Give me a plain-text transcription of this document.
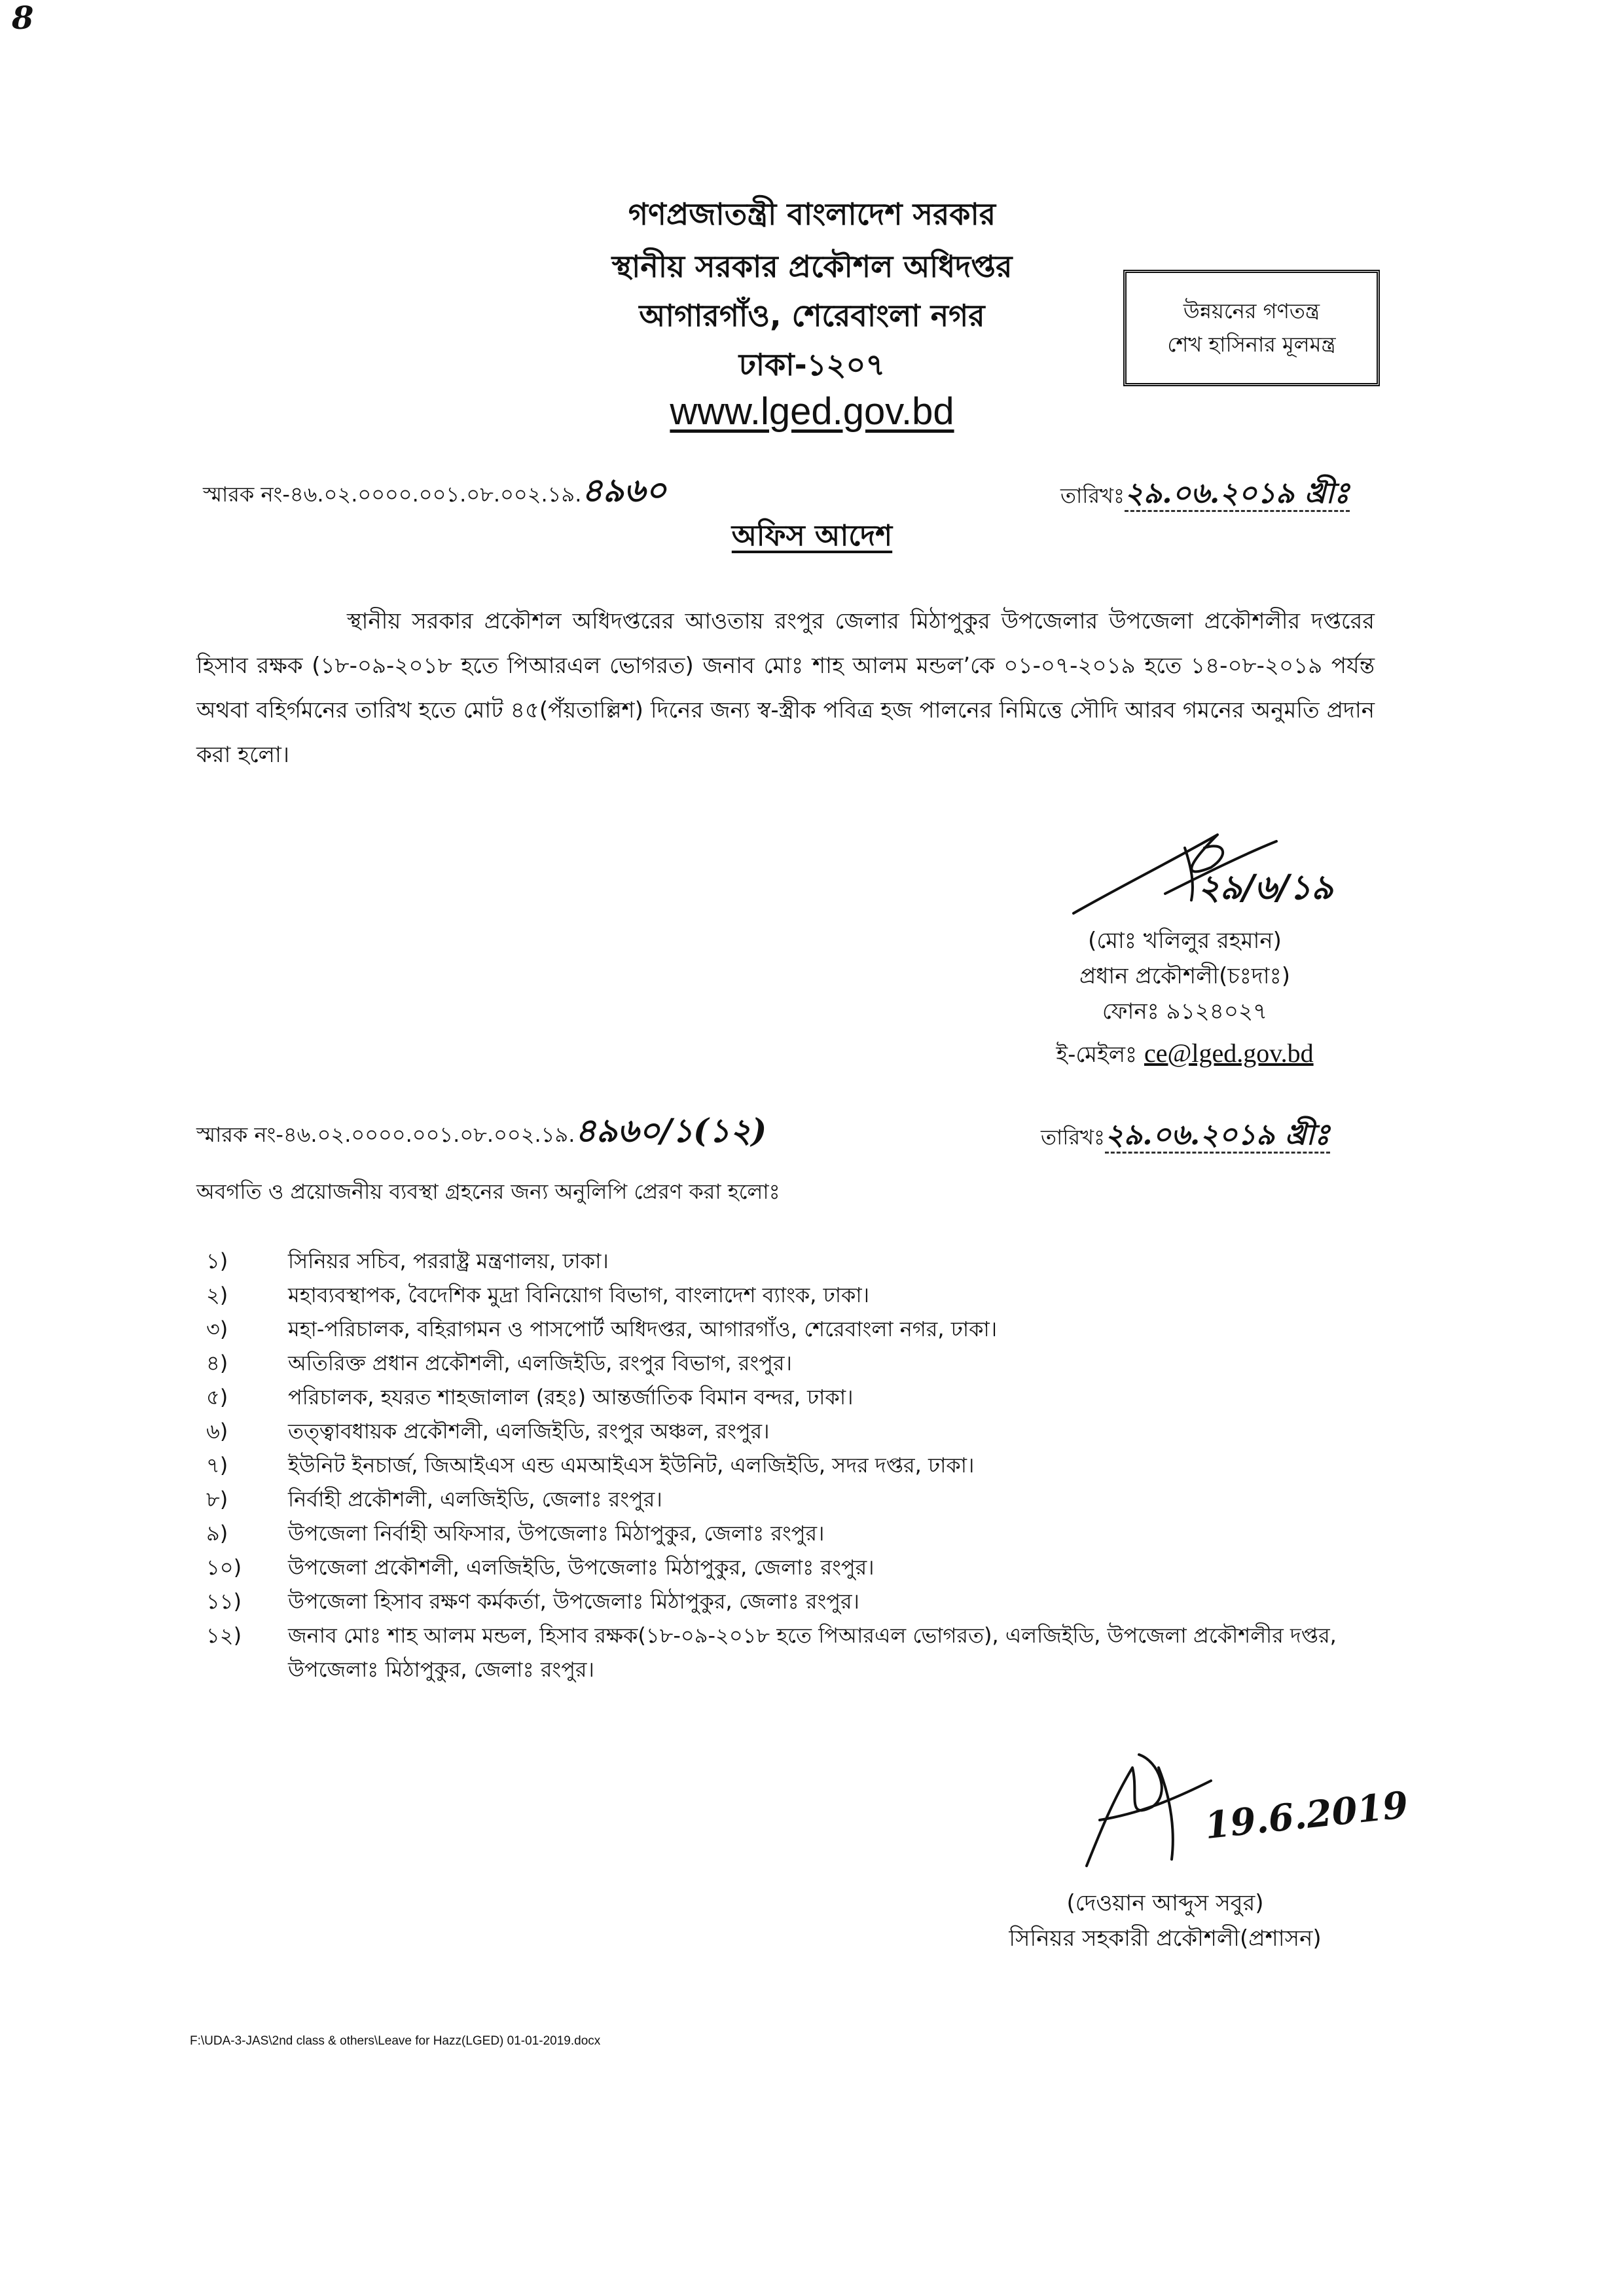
8
গণপ্রজাতন্ত্রী বাংলাদেশ সরকার
স্থানীয় সরকার প্রকৌশল অধিদপ্তর
আগারগাঁও, শেরেবাংলা নগর
ঢাকা-১২০৭
www.lged.gov.bd
উন্নয়নের গণতন্ত্র
শেখ হাসিনার মূলমন্ত্র
স্মারক নং-৪৬.০২.০০০০.০০১.০৮.০০২.১৯.৪৯৬০	তারিখঃ২৯.০৬.২০১৯ খ্রীঃ
অফিস আদেশ
স্থানীয় সরকার প্রকৌশল অধিদপ্তরের আওতায় রংপুর জেলার মিঠাপুকুর উপজেলার উপজেলা প্রকৌশলীর দপ্তরের হিসাব রক্ষক (১৮-০৯-২০১৮ হতে পিআরএল ভোগরত) জনাব মোঃ শাহ আলম মন্ডল’কে ০১-০৭-২০১৯ হতে ১৪-০৮-২০১৯ পর্যন্ত অথবা বহির্গমনের তারিখ হতে মোট ৪৫(পঁয়তাল্লিশ) দিনের জন্য স্ব-স্ত্রীক পবিত্র হজ পালনের নিমিত্তে সৌদি আরব গমনের অনুমতি প্রদান করা হলো।
২৯/৬/১৯
(মোঃ খলিলুর রহমান)
প্রধান প্রকৌশলী(চঃদাঃ)
ফোনঃ ৯১২৪০২৭
ই-মেইলঃ ce@lged.gov.bd
স্মারক নং-৪৬.০২.০০০০.০০১.০৮.০০২.১৯.৪৯৬০/১(১২)	তারিখঃ২৯.০৬.২০১৯ খ্রীঃ
অবগতি ও প্রয়োজনীয় ব্যবস্থা গ্রহনের জন্য অনুলিপি প্রেরণ করা হলোঃ
১)	সিনিয়র সচিব, পররাষ্ট্র মন্ত্রণালয়, ঢাকা।
২)	মহাব্যবস্থাপক, বৈদেশিক মুদ্রা বিনিয়োগ বিভাগ, বাংলাদেশ ব্যাংক, ঢাকা।
৩)	মহা-পরিচালক, বহিরাগমন ও পাসপোর্ট অধিদপ্তর, আগারগাঁও, শেরেবাংলা নগর, ঢাকা।
৪)	অতিরিক্ত প্রধান প্রকৌশলী, এলজিইডি, রংপুর বিভাগ, রংপুর।
৫)	পরিচালক, হযরত শাহজালাল (রহঃ) আন্তর্জাতিক বিমান বন্দর, ঢাকা।
৬)	তত্ত্বাবধায়ক প্রকৌশলী, এলজিইডি, রংপুর অঞ্চল, রংপুর।
৭)	ইউনিট ইনচার্জ, জিআইএস এন্ড এমআইএস ইউনিট, এলজিইডি, সদর দপ্তর, ঢাকা।
৮)	নির্বাহী প্রকৌশলী, এলজিইডি, জেলাঃ রংপুর।
৯)	উপজেলা নির্বাহী অফিসার, উপজেলাঃ মিঠাপুকুর, জেলাঃ রংপুর।
১০)	উপজেলা প্রকৌশলী, এলজিইডি, উপজেলাঃ মিঠাপুকুর, জেলাঃ রংপুর।
১১)	উপজেলা হিসাব রক্ষণ কর্মকর্তা, উপজেলাঃ মিঠাপুকুর, জেলাঃ রংপুর।
১২)	জনাব মোঃ শাহ আলম মন্ডল, হিসাব রক্ষক(১৮-০৯-২০১৮ হতে পিআরএল ভোগরত), এলজিইডি, উপজেলা প্রকৌশলীর দপ্তর, উপজেলাঃ মিঠাপুকুর, জেলাঃ রংপুর।
19.6.2019
(দেওয়ান আব্দুস সবুর)
সিনিয়র সহকারী প্রকৌশলী(প্রশাসন)
F:\UDA-3-JAS\2nd class & others\Leave for Hazz(LGED) 01-01-2019.docx
